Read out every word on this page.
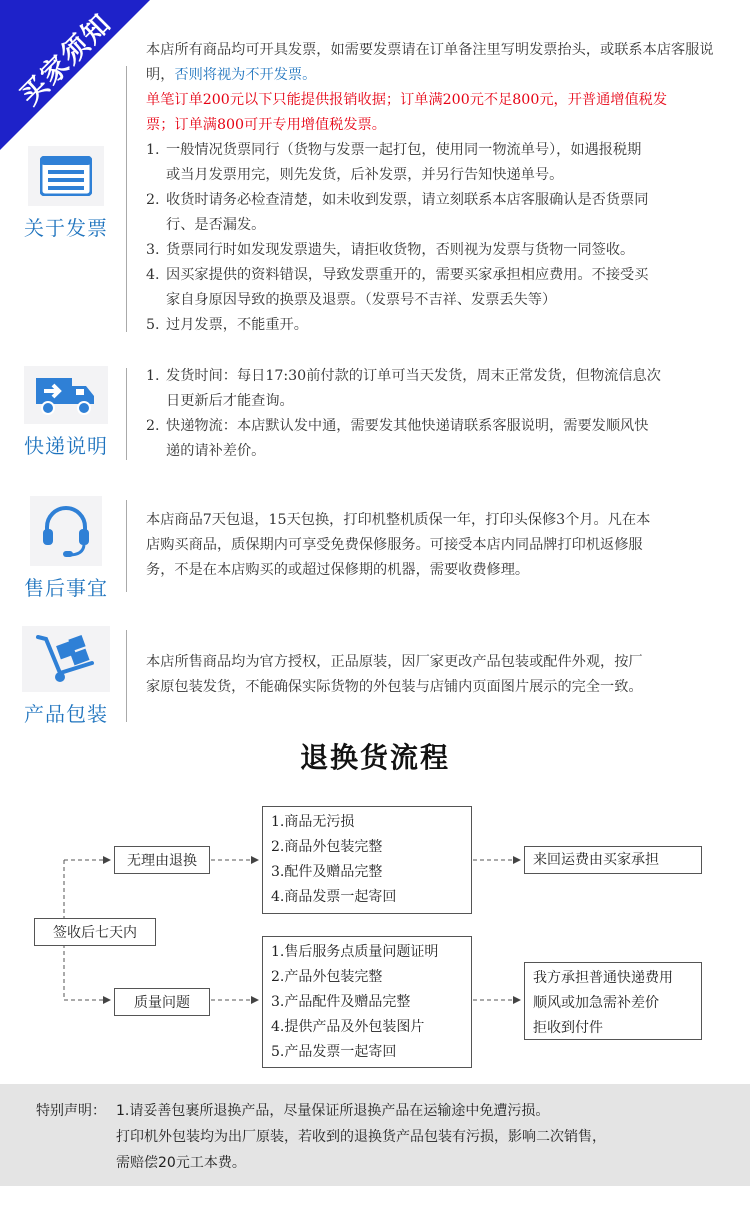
买家须知
关于发票

本店所有商品均可开具发票，如需要发票请在订单备注里写明发票抬头，或联系本店客服说明，否则将视为不开发票。

单笔订单200元以下只能提供报销收据；订单满200元不足800元，开普通增值税发

票；订单满800可开专用增值税发票。

1. 一般情况货票同行（货物与发票一起打包，使用同一物流单号），如遇报税期
或当月发票用完，则先发货，后补发票，并另行告知快递单号。
2. 收货时请务必检查清楚，如未收到发票，请立刻联系本店客服确认是否货票同
行、是否漏发。
3. 货票同行时如发现发票遗失，请拒收货物，否则视为发票与货物一同签收。
4. 因买家提供的资料错误，导致发票重开的，需要买家承担相应费用。不接受买
家自身原因导致的换票及退票。（发票号不吉祥、发票丢失等）
5. 过月发票，不能重开。
快递说明
1. 发货时间：每日17:30前付款的订单可当天发货，周末正常发货，但物流信息次
日更新后才能查询。
2. 快递物流：本店默认发中通，需要发其他快递请联系客服说明，需要发顺风快
递的请补差价。
售后事宜

本店商品7天包退，15天包换，打印机整机质保一年，打印头保修3个月。凡在本

店购买商品，质保期内可享受免费保修服务。可接受本店内同品牌打印机返修服

务，不是在本店购买的或超过保修期的机器，需要收费修理。

产品包装

本店所售商品均为官方授权，正品原装，因厂家更改产品包装或配件外观，按厂

家原包装发货，不能确保实际货物的外包装与店铺内页面图片展示的完全一致。

退换货流程
签收后七天内
无理由退换
1.商品无污损
2.商品外包装完整
3.配件及赠品完整
4.商品发票一起寄回
来回运费由买家承担
质量问题
1.售后服务点质量问题证明
2.产品外包装完整
3.产品配件及赠品完整
4.提供产品及外包装图片
5.产品发票一起寄回
我方承担普通快递费用
顺风或加急需补差价
拒收到付件
特别声明： 1.请妥善包裹所退换产品，尽量保证所退换产品在运输途中免遭污损。
打印机外包装均为出厂原装，若收到的退换货产品包装有污损，影响二次销售，
需赔偿20元工本费。
